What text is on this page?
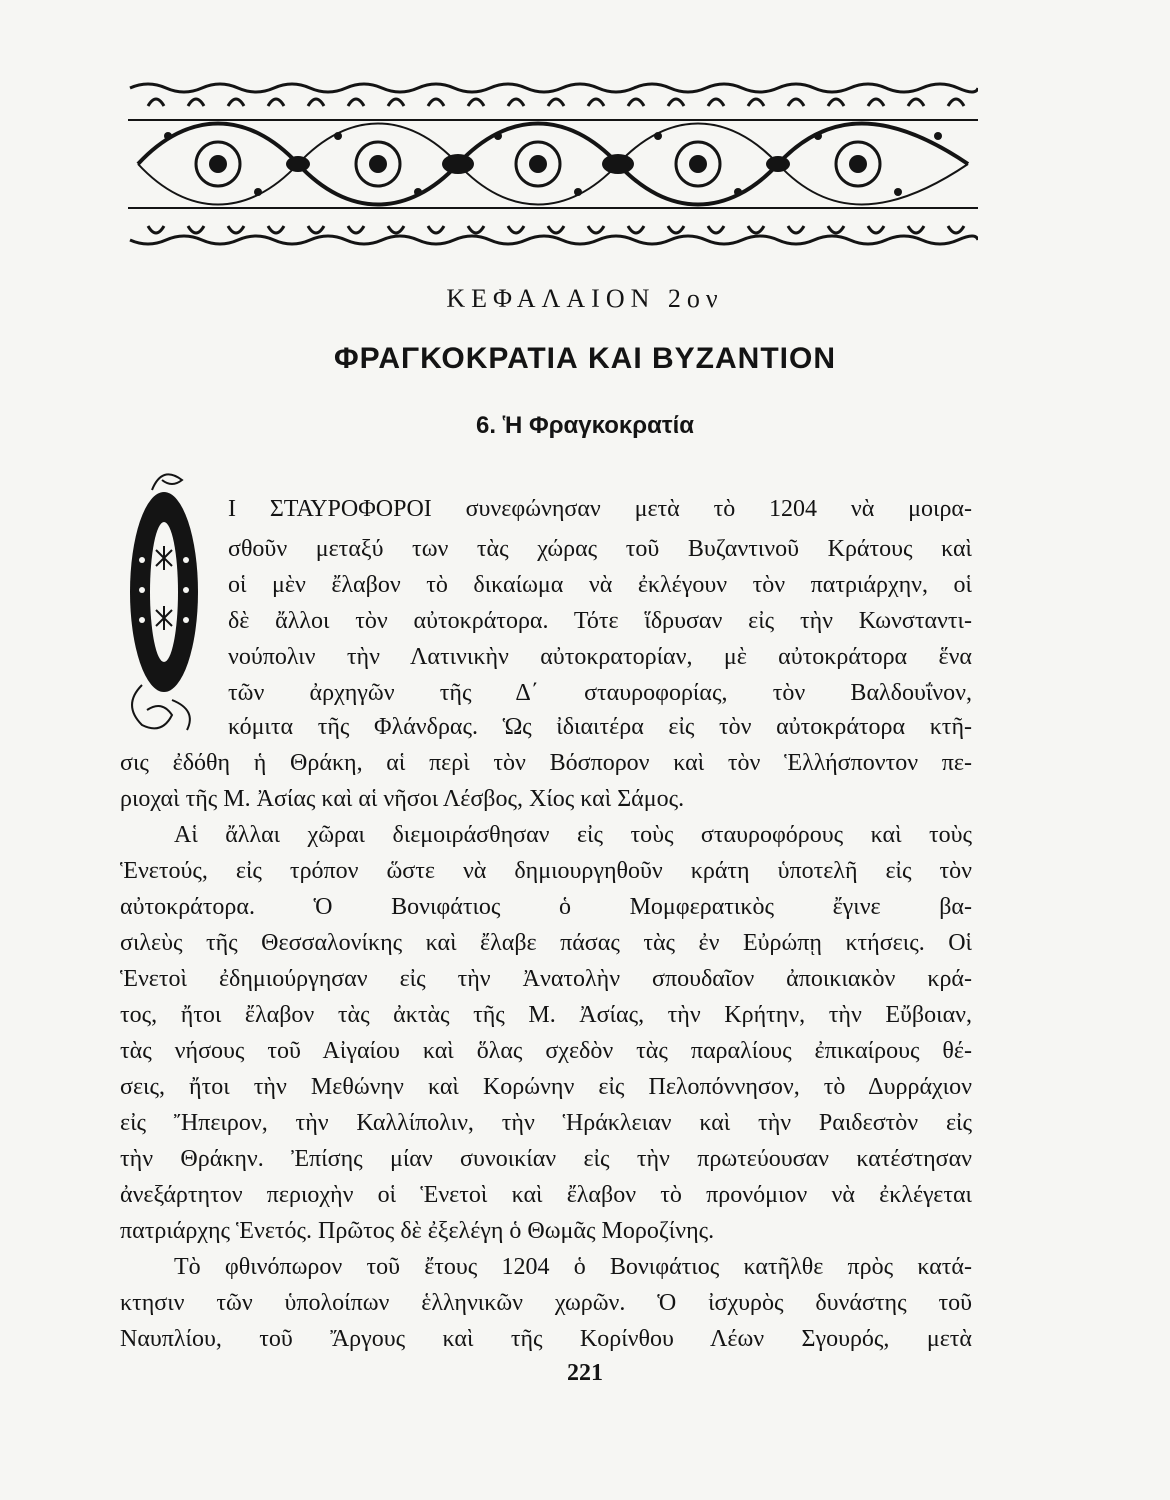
ΚΕΦΑΛΑΙΟΝ 2ον
ΦΡΑΓΚΟΚΡΑΤΙΑ ΚΑΙ ΒΥΖΑΝΤΙΟΝ
6. Ἡ Φραγκοκρατία
Ι ΣΤΑΥΡΟΦΟΡΟΙ συνεφώνησαν μετὰ τὸ 1204 νὰ μοιρα-
σθοῦν μεταξύ των τὰς χώρας τοῦ Βυζαντινοῦ Κράτους καὶ
οἱ μὲν ἔλαβον τὸ δικαίωμα νὰ ἐκλέγουν τὸν πατριάρχην, οἱ
δὲ ἄλλοι τὸν αὐτοκράτορα. Τότε ἵδρυσαν εἰς τὴν Κωνσταντι-
νούπολιν τὴν Λατινικὴν αὐτοκρατορίαν, μὲ αὐτοκράτορα ἕνα
τῶν ἀρχηγῶν τῆς Δ΄ σταυροφορίας, τὸν Βαλδουΐνον,
κόμιτα τῆς Φλάνδρας. Ὡς ἰδιαιτέρα εἰς τὸν αὐτοκράτορα κτῆ-
σις ἐδόθη ἡ Θράκη, αἱ περὶ τὸν Βόσπορον καὶ τὸν Ἑλλήσποντον πε-
ριοχαὶ τῆς Μ. Ἀσίας καὶ αἱ νῆσοι Λέσβος, Χίος καὶ Σάμος.
Αἱ ἄλλαι χῶραι διεμοιράσθησαν εἰς τοὺς σταυροφόρους καὶ τοὺς
Ἑνετούς, εἰς τρόπον ὥστε νὰ δημιουργηθοῦν κράτη ὑποτελῆ εἰς τὸν
αὐτοκράτορα. Ὁ Βονιφάτιος ὁ Μομφερατικὸς ἔγινε βα-
σιλεὺς τῆς Θεσσαλονίκης καὶ ἔλαβε πάσας τὰς ἐν Εὐρώπῃ κτήσεις. Οἱ
Ἑνετοὶ ἐδημιούργησαν εἰς τὴν Ἀνατολὴν σπουδαῖον ἀποικιακὸν κρά-
τος, ἤτοι ἔλαβον τὰς ἀκτὰς τῆς Μ. Ἀσίας, τὴν Κρήτην, τὴν Εὔβοιαν,
τὰς νήσους τοῦ Αἰγαίου καὶ ὅλας σχεδὸν τὰς παραλίους ἐπικαίρους θέ-
σεις, ἤτοι τὴν Μεθώνην καὶ Κορώνην εἰς Πελοπόννησον, τὸ Δυρράχιον
εἰς Ἤπειρον, τὴν Καλλίπολιν, τὴν Ἡράκλειαν καὶ τὴν Ραιδεστὸν εἰς
τὴν Θράκην. Ἐπίσης μίαν συνοικίαν εἰς τὴν πρωτεύουσαν κατέστησαν
ἀνεξάρτητον περιοχὴν οἱ Ἑνετοὶ καὶ ἔλαβον τὸ προνόμιον νὰ ἐκλέγεται
πατριάρχης Ἑνετός. Πρῶτος δὲ ἐξελέγη ὁ Θωμᾶς Μοροζίνης.
Τὸ φθινόπωρον τοῦ ἔτους 1204 ὁ Βονιφάτιος κατῆλθε πρὸς κατά-
κτησιν τῶν ὑπολοίπων ἑλληνικῶν χωρῶν. Ὁ ἰσχυρὸς δυνάστης τοῦ
Ναυπλίου, τοῦ Ἄργους καὶ τῆς Κορίνθου Λέων Σγουρός, μετὰ
221
